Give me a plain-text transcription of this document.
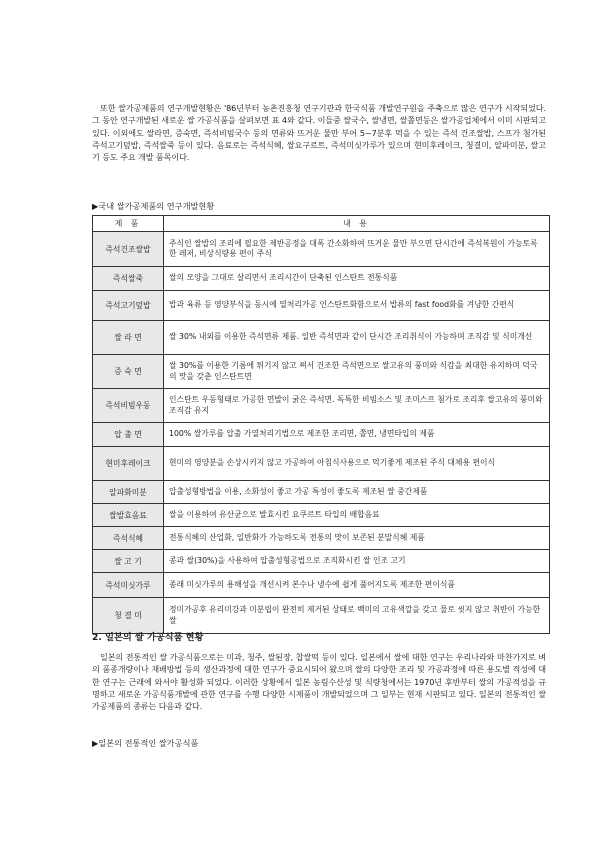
또한 쌀가공제품의 연구개발현황은 '86년부터 농촌진흥청 연구기관과 한국식품 개발연구원을 주축으로 많은 연구가 시작되었다. 그 동안 연구개발된 새로운 쌀 가공식품을 살펴보면 표 4와 같다. 이들중 쌀국수, 쌀냉면, 쌀쫄면등은 쌀가공업체에서 이미 시판되고 있다. 이외에도 쌀라면, 증숙면, 즉석비빔국수 등의 면류와 뜨거운 물만 부어 5~7분후 먹을 수 있는 즉석 건조쌀밥, 스프가 첨가된 즉석고기덮밥, 즉석쌀죽 등이 있다. 음료로는 즉석식혜, 쌀요구르트, 즉석미싯가루가 있으며 현미후레이크, 청결미, 알파미분, 쌀고기 등도 주요 개발 품목이다.
▶국내 쌀가공제품의 연구개발현황
제 품	내 용
즉석건조쌀밥	주식인 쌀밥의 조리에 필요한 제반공정을 대폭 간소화하여 뜨거운 물만 부으면 단시간에 즉석복원이 가능토록 한 레저, 비상식량용 편이 주식
즉석쌀죽	쌀의 모양을 그대로 살리면서 조리시간이 단축된 인스탄트 전통식품
즉석고기덮밥	밥과 육류 등 영양부식을 동시에 열처리가공 인스탄트화함으로서 밥류의 fast food화를 겨냥한 간편식
쌀 라 면	쌀 30% 내외를 이용한 즉석면류 제품. 일반 즉석면과 같이 단시간 조리취식이 가능하며 조직감 및 식미개선
증 숙 면	쌀 30%를 이용한 기름에 튀기지 않고 쪄서 건조한 즉석면으로 쌀고유의 풍미와 식감을 최대한 유지하며 덕국의 맛을 갖춘 인스탄트면
즉석비빔우동	인스탄트 우동형태로 가공한 면발이 굵은 즉석면. 독특한 비빔소스 및 조미스프 첨가로 조리후 쌀고유의 풍미와 조직감 유지
압 출 면	100% 쌀가루를 압출 가열처리기법으로 제조한 조리면, 쫄면, 냉면타입의 제품
현미후레이크	현미의 영양분을 손상시키지 않고 가공하여 아침식사용으로 먹기좋게 제조된 주식 대체용 편이식
알파화미분	압출성형방법을 이용, 소화성이 좋고 가공 특성이 좋도록 제조된 쌀 중간제품
쌀발효음료	쌀을 이용하여 유산균으로 발효시킨 요쿠르트 타입의 배합음료
즉석식혜	전통식혜의 산업화, 일반화가 가능하도록 전통의 맛이 보존된 분말식혜 제품
쌀 고 기	콩과 쌀(30%)을 사용하여 압출성형공법으로 조직화시킨 쌀 인조 고기
즉석미싯가루	종래 미싯가루의 용해성을 개선시켜 본수나 냉수에 쉽게 풀어지도록 제조한 편이식품
청 결 미	정미가공후 유리미강과 미분립이 완전히 제거된 상태로 백미의 고유색깔을 갖고 물로 씻지 않고 취반이 가능한 쌀
2. 일본의 쌀 가공식품 현황
일본의 전통적인 쌀 가공식품으로는 미과, 청주, 쌀된장, 찹쌀떡 등이 있다. 일본에서 쌀에 대한 연구는 우리나라와 마찬가지로 벼의 품종개량이나 재배방법 등의 생산과정에 대한 연구가 중요시되어 왔으며 쌀의 다양한 조리 및 가공과정에 따른 용도별 적성에 대한 연구는 근래에 와서야 활성화 되었다. 이러한 상황에서 일본 농림수산성 및 식량청에서는 1970년 후반부터 쌀의 가공적성을 규명하고 새로운 가공식품개발에 관한 연구를 수행 다양한 시제품이 개발되었으며 그 일부는 현재 시판되고 있다. 일본의 전통적인 쌀 가공제품의 종류는 다음과 같다.
▶일본의 전통적인 쌀가공식품
